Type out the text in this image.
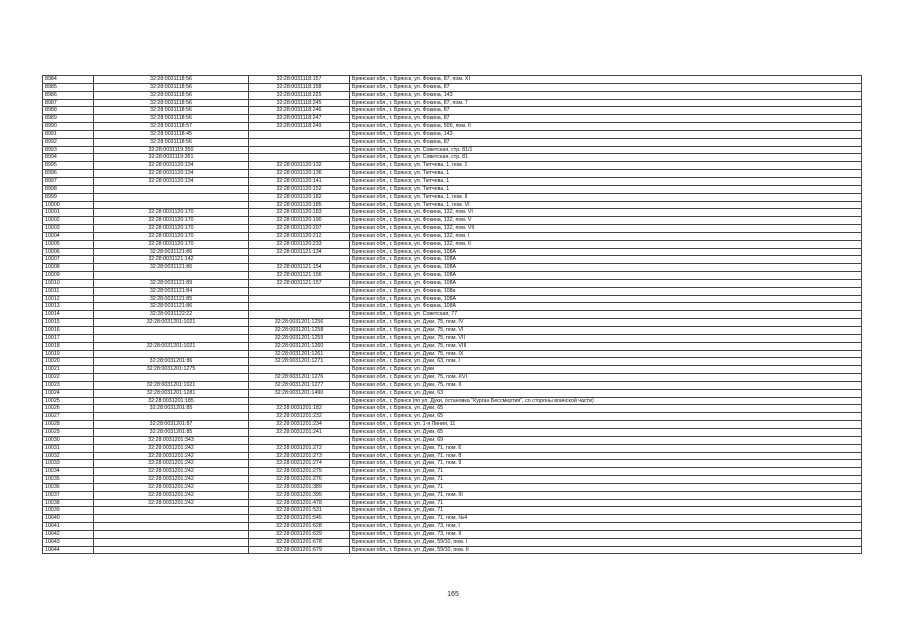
8984	32:28:0031118:56	32:28:0031118:157	Брянская обл., г. Брянск, ул. Фокина, 87, пом. XI
8985	32:28:0031118:56	32:28:0031118:158	Брянская обл., г. Брянск, ул. Фокина, 87
8986	32:28:0031118:56	32:28:0031118:225	Брянская обл., г. Брянск, ул. Фокина, 143
8987	32:28:0031118:56	32:28:0031118:245	Брянская обл., г. Брянск, ул. Фокина, 87, пом. 7
8988	32:28:0031118:56	32:28:0031118:246	Брянская обл., г. Брянск, ул. Фокина, 87
8989	32:28:0031118:56	32:28:0031118:247	Брянская обл., г. Брянск, ул. Фокина, 87
8990	32:28:0031118:57	32:28:0031118:249	Брянская обл., г. Брянск, ул. Фокина, 50б, пом. II
8991	32:28:0031118:45		Брянская обл., г. Брянск, ул. Фокина, 143
8992	32:28:0031118:56		Брянская обл., г. Брянск, ул. Фокина, 87
8993	32:28:0031119:350		Брянская обл., г. Брянск, ул. Советская, стр. 81/1
8994	32:28:0031119:351		Брянская обл., г. Брянск, ул. Советская, стр. 81
8995	32:28:0031120:134	32:28:0031120:132	Брянская обл., г. Брянск, ул. Тютчева, 1, пом. 1
8996	32:28:0031120:134	32:28:0031120:136	Брянская обл., г. Брянск, ул. Тютчева, 1
8997	32:28:0031120:134	32:28:0031120:141	Брянская обл., г. Брянск, ул. Тютчева, 1
8998		32:28:0031120:152	Брянская обл., г. Брянск, ул. Тютчева, 1
8999		32:28:0031120:182	Брянская обл., г. Брянск, ул. Тютчева, 1, пом. II
10000		32:28:0031120:185	Брянская обл., г. Брянск, ул. Тютчева, 1, пом. VI
10001	32:28:0031120:170	32:28:0031120:183	Брянская обл., г. Брянск, ул. Фокина, 132, пом. VI
10002	32:28:0031120:170	32:28:0031120:190	Брянская обл., г. Брянск, ул. Фокина, 132, пом. V
10003	32:28:0031120:170	32:28:0031120:207	Брянская обл., г. Брянск, ул. Фокина, 132, пом. VII
10004	32:28:0031120:170	32:28:0031120:212	Брянская обл., г. Брянск, ул. Фокина, 132, пом. I
10005	32:28:0031120:170	32:28:0031120:233	Брянская обл., г. Брянск, ул. Фокина, 132, пом. II
10006	32:28:0031121:86	32:28:0031121:134	Брянская обл., г. Брянск, ул. Фокина, 108А
10007	32:28:0031121:142		Брянская обл., г. Брянск, ул. Фокина, 108А
10008	32:28:0031121:86	32:28:0031121:154	Брянская обл., г. Брянск, ул. Фокина, 108А
10009		32:28:0031121:156	Брянская обл., г. Брянск, ул. Фокина, 108А
10010	32:28:0031121:89	32:28:0031121:157	Брянская обл., г. Брянск, ул. Фокина, 108А
10011	32:28:0031121:84		Брянская обл., г. Брянск, ул. Фокина, 108а
10012	32:28:0031121:85		Брянская обл., г. Брянск, ул. Фокина, 108А
10013	32:28:0031121:86		Брянская обл., г. Брянск, ул. Фокина, 108А
10014	32:28:0031122:22		Брянская обл., г. Брянск, ул. Советская, 77
10015	32:28:0031201:1021	32:28:0031201:1256	Брянская обл., г. Брянск, ул. Дуки, 75, пом. IV
10016		32:28:0031201:1258	Брянская обл., г. Брянск, ул. Дуки, 75, пом. VI
10017		32:28:0031201:1259	Брянская обл., г. Брянск, ул. Дуки, 75, пом. VII
10018	32:28:0031201:1021	32:28:0031201:1260	Брянская обл., г. Брянск, ул. Дуки, 75, пом. VIII
10019		32:28:0031201:1261	Брянская обл., г. Брянск, ул. Дуки, 75, пом. IX
10020	32:28:0031201:86	32:28:0031201:1271	Брянская обл., г. Брянск, ул. Дуки, 63, пом. I
10021	32:28:0031201:1275		Брянская обл., г. Брянск, ул. Дуки
10022		32:28:0031201:1276	Брянская обл., г. Брянск, ул. Дуки, 75, пом. XVI
10023	32:28:0031201:1021	32:28:0031201:1277	Брянская обл., г. Брянск, ул. Дуки, 75, пом. II
10024	32:28:0031201:1281	32:28:0031201:1490	Брянская обл., г. Брянск, ул. Дуки, 63
10025	32:28:0031201:185		Брянская обл., г. Брянск (по ул. Дуки, остановка "Курган Бессмертия", со стороны воинской части)
10026	32:28:0031201:85	32:28:0031201:182	Брянская обл., г. Брянск, ул. Дуки, 65
10027		32:28:0031201:232	Брянская обл., г. Брянск, ул. Дуки, 65
10028	32:28:0031201:87	32:28:0031201:234	Брянская обл., г. Брянск, ул. 1-я Линия, 11
10029	32:28:0031201:85	32:28:0031201:241	Брянская обл., г. Брянск, ул. Дуки, 65
10030	32:28:0031201:343		Брянская обл., г. Брянск, ул. Дуки, 69
10031	32:28:0031201:242	32:28:0031201:272	Брянская обл., г. Брянск, ул. Дуки, 71, пом. 6
10032	32:28:0031201:242	32:28:0031201:273	Брянская обл., г. Брянск, ул. Дуки, 71, пом. 8
10033	32:28:0031201:242	32:28:0031201:274	Брянская обл., г. Брянск, ул. Дуки, 71, пом. 9
10034	32:28:0031201:242	32:28:0031201:275	Брянская обл., г. Брянск, ул. Дуки, 71
10035	32:28:0031201:242	32:28:0031201:276	Брянская обл., г. Брянск, ул. Дуки, 71
10036	32:28:0031201:242	32:28:0031201:389	Брянская обл., г. Брянск, ул. Дуки, 71
10037	32:28:0031201:242	32:28:0031201:395	Брянская обл., г. Брянск, ул. Дуки, 71, пом. III
10038	32:28:0031201:242	32:28:0031201:478	Брянская обл., г. Брянск, ул. Дуки, 71
10039		32:28:0031201:531	Брянская обл., г. Брянск, ул. Дуки, 71
10040		32:28:0031201:545	Брянская обл., г. Брянск, ул. Дуки, 71, пом. №4
10041		32:28:0031201:628	Брянская обл., г. Брянск, ул. Дуки, 73, пом. I
10042		32:28:0031201:629	Брянская обл., г. Брянск, ул. Дуки, 73, пом. II
10043		32:28:0031201:678	Брянская обл., г. Брянск, ул. Дуки, 59/10, пом. I
10044		32:28:0031201:679	Брянская обл., г. Брянск, ул. Дуки, 59/10, пом. II
165
